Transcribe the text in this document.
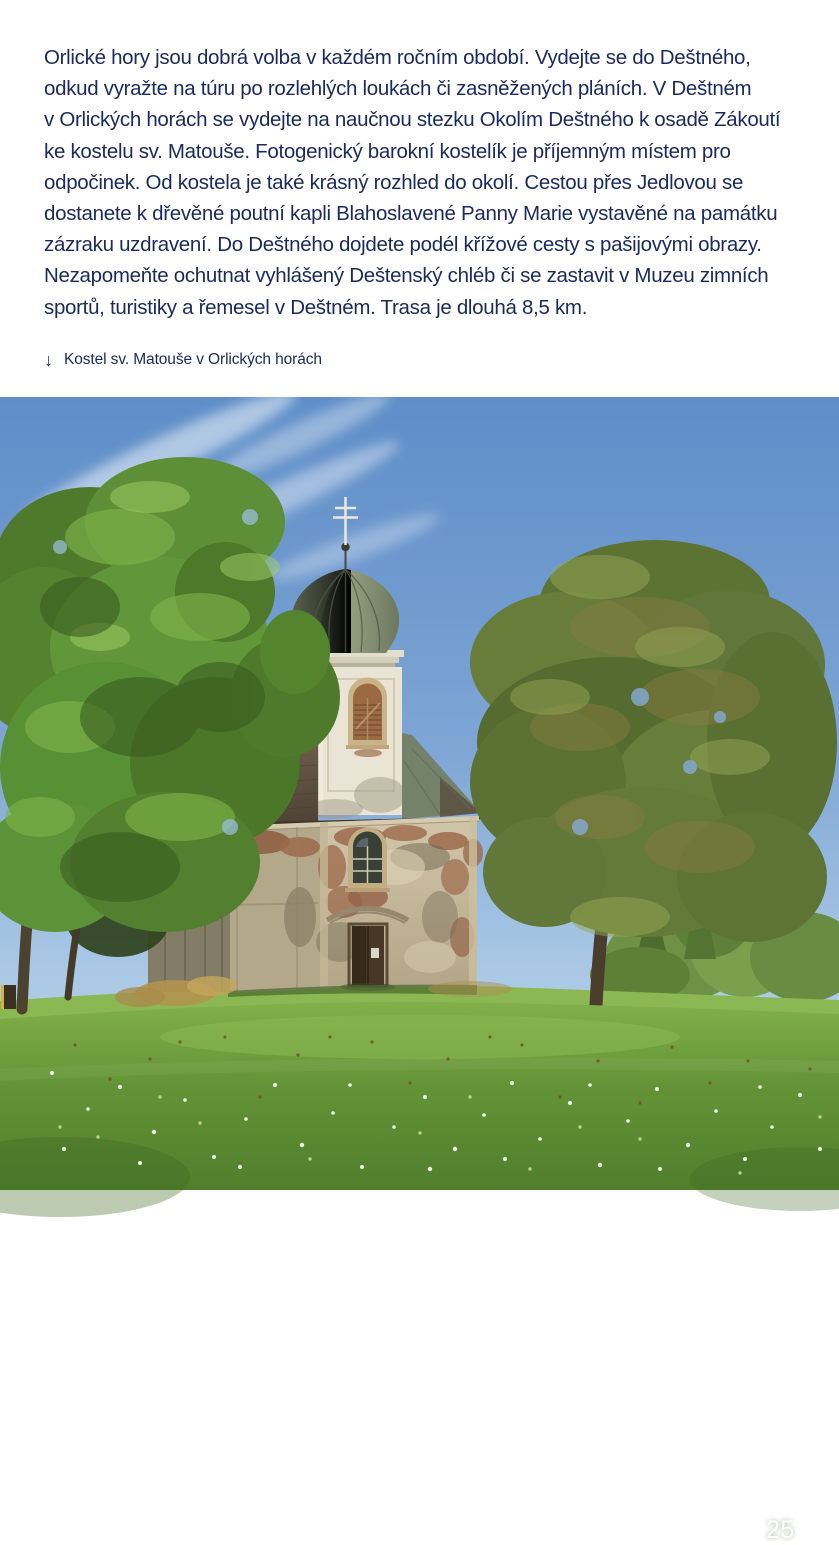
Orlické hory jsou dobrá volba v každém ročním období. Vydejte se do Deštného,
odkud vyražte na túru po rozlehlých loukách či zasněžených pláních. V Deštném
v Orlických horách se vydejte na naučnou stezku Okolím Deštného k osadě Zákoutí
ke kostelu sv. Matouše. Fotogenický barokní kostelík je příjemným místem pro
odpočinek. Od kostela je také krásný rozhled do okolí. Cestou přes Jedlovou se
dostanete k dřevěné poutní kapli Blahoslavené Panny Marie vystavěné na památku
zázraku uzdravení. Do Deštného dojdete podél křížové cesty s pašijovými obrazy.
Nezapomeňte ochutnat vyhlášený Deštenský chléb či se zastavit v Muzeu zimních
sportů, turistiky a řemesel v Deštném. Trasa je dlouhá 8,5 km.
↓ Kostel sv. Matouše v Orlických horách
25
